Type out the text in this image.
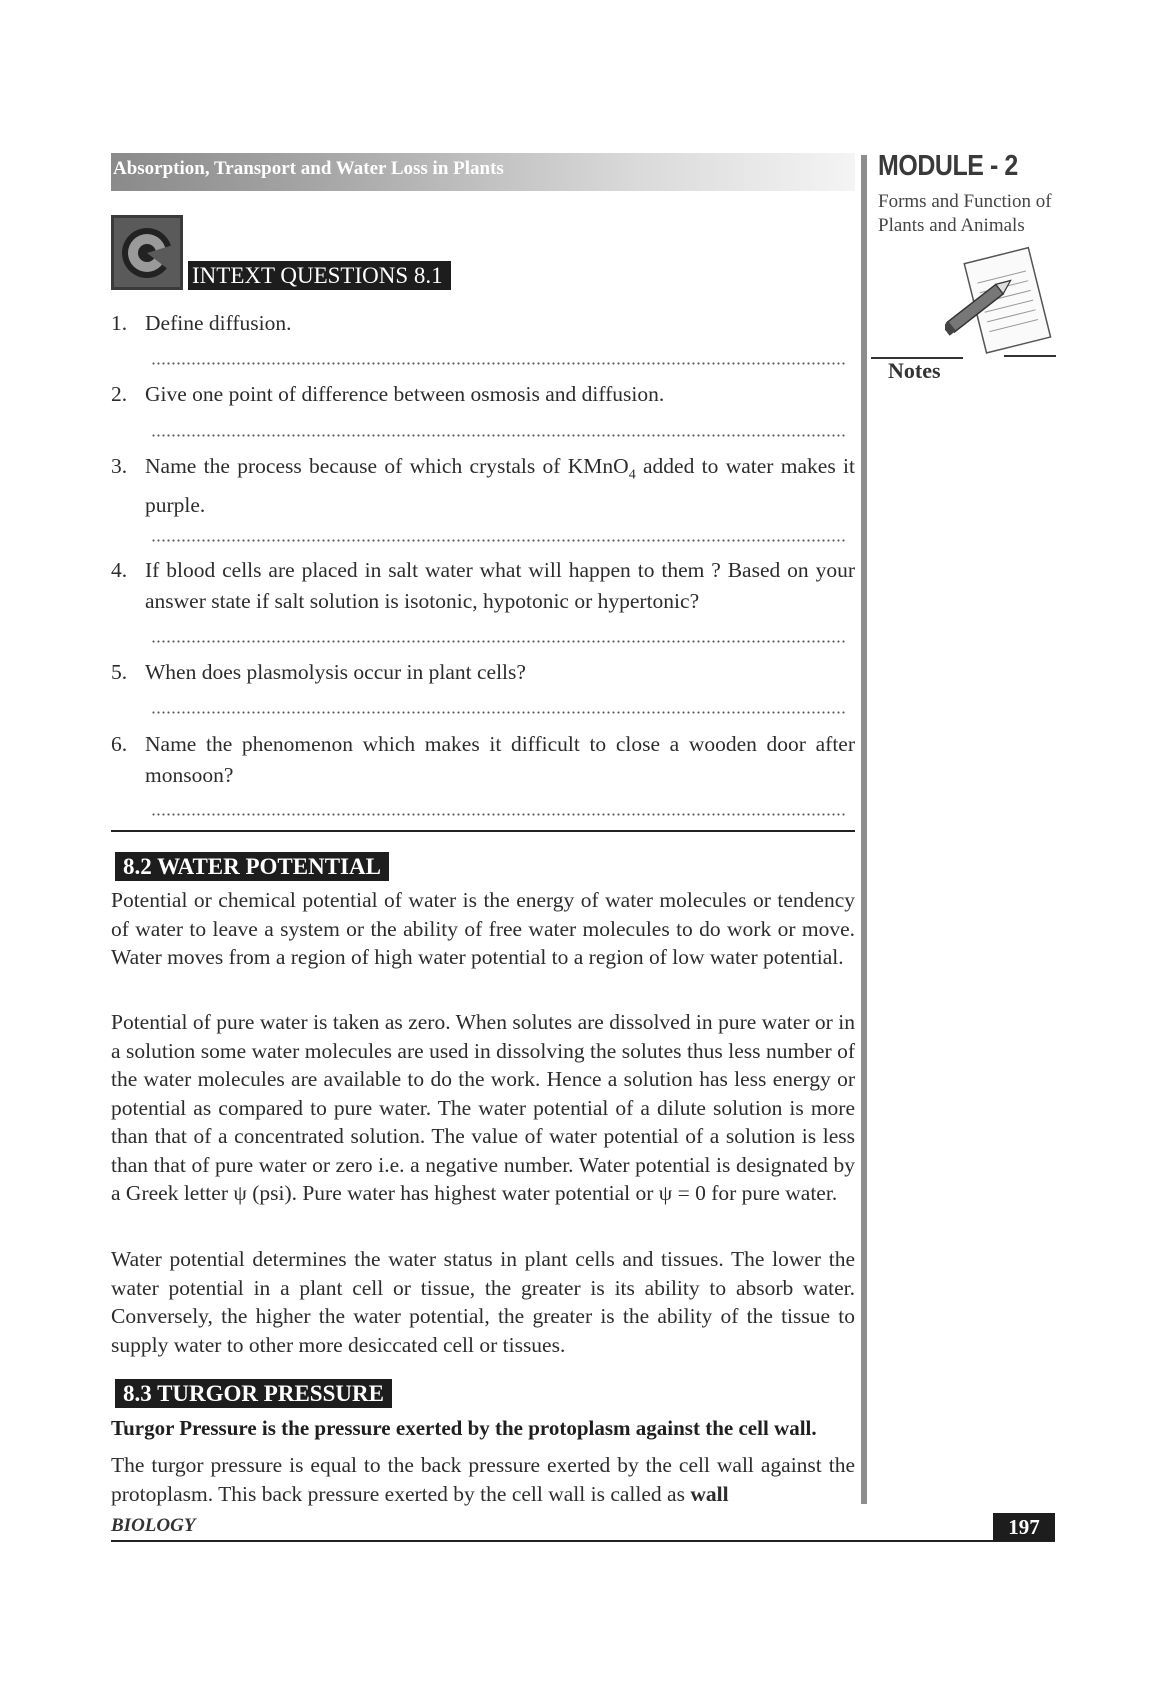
Absorption, Transport and Water Loss in Plants	MODULE - 2
Forms and Function of
Plants and Animals
Notes
INTEXT QUESTIONS 8.1
1. Define diffusion.
2. Give one point of difference between osmosis and diffusion.
3. Name the process because of which crystals of KMnO$_4$ added to water makes it purple.
4. If blood cells are placed in salt water what will happen to them ? Based on your answer state if salt solution is isotonic, hypotonic or hypertonic?
5. When does plasmolysis occur in plant cells?
6. Name the phenomenon which makes it difficult to close a wooden door after monsoon?
8.2 WATER POTENTIAL
Potential or chemical potential of water is the energy of water molecules or tendency of water to leave a system or the ability of free water molecules to do work or move. Water moves from a region of high water potential to a region of low water potential.
Potential of pure water is taken as zero. When solutes are dissolved in pure water or in a solution some water molecules are used in dissolving the solutes thus less number of the water molecules are available to do the work. Hence a solution has less energy or potential as compared to pure water. The water potential of a dilute solution is more than that of a concentrated solution. The value of water potential of a solution is less than that of pure water or zero i.e. a negative number. Water potential is designated by a Greek letter ψ (psi). Pure water has highest water potential or ψ = 0 for pure water.
Water potential determines the water status in plant cells and tissues. The lower the water potential in a plant cell or tissue, the greater is its ability to absorb water. Conversely, the higher the water potential, the greater is the ability of the tissue to supply water to other more desiccated cell or tissues.
8.3 TURGOR PRESSURE
Turgor Pressure is the pressure exerted by the protoplasm against the cell wall.
The turgor pressure is equal to the back pressure exerted by the cell wall against the protoplasm. This back pressure exerted by the cell wall is called as wall
BIOLOGY	197
